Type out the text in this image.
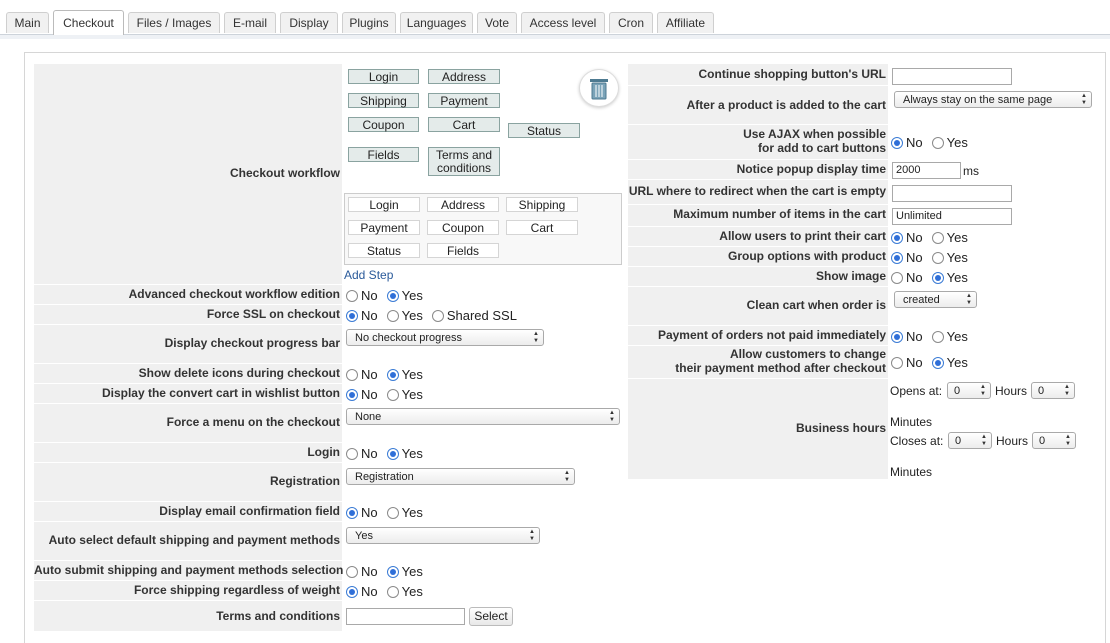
Main	Checkout	Files / Images	E-mail	Display	Plugins	Languages	Vote	Access level	Cron	Affiliate
Checkout workflow
Login	Address
Shipping	Payment
Coupon	Cart	Status
Fields	Terms and conditions
Login	Address	Shipping
Payment	Coupon	Cart
Status	Fields
Add Step
Advanced checkout workflow edition No Yes
Force SSL on checkout No Yes Shared SSL
Display checkout progress bar	No checkout progress	▲
▼
Show delete icons during checkout No Yes
Display the convert cart in wishlist button No Yes
Force a menu on the checkout	None	▲
▼
Login No Yes
Registration	Registration	▲
▼
Display email confirmation field No Yes
Auto select default shipping and payment methods	Yes	▲
▼
Auto submit shipping and payment methods selection No Yes
Force shipping regardless of weight No Yes
Terms and conditions	Select
Continue shopping button's URL
After a product is added to the cart	Always stay on the same page	▲
▼
Use AJAX when possible
for add to cart buttons No Yes
Notice popup display time 2000	ms
URL where to redirect when the cart is empty
Maximum number of items in the cart Unlimited
Allow users to print their cart No Yes
Group options with product No Yes
Show image No Yes
Clean cart when order is	created	▲
▼
Payment of orders not paid immediately No Yes
Allow customers to change
their payment method after checkout No Yes
Business hours
Opens at:	0	▲
▼ Hours 0	▲
▼
Minutes
Closes at:	0	▲
▼ Hours 0	▲
▼
Minutes
